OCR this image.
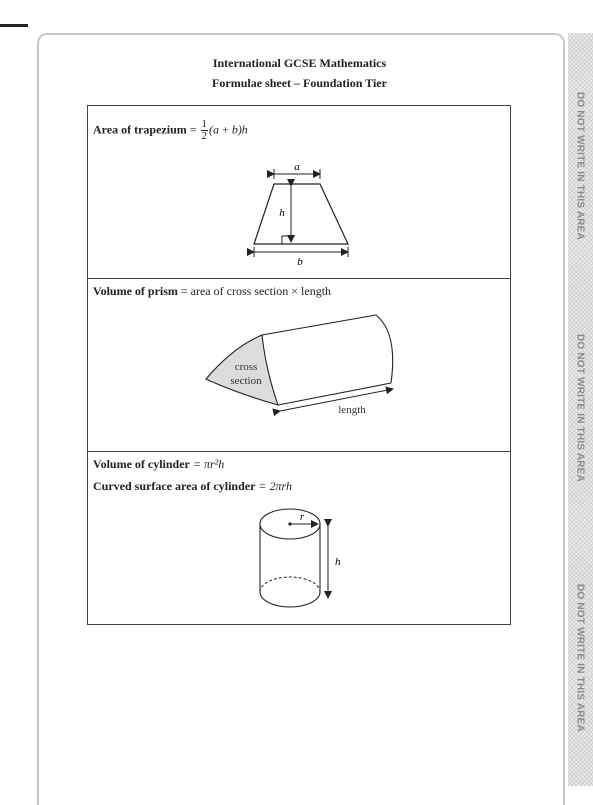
DO NOT WRITE IN THIS AREA
DO NOT WRITE IN THIS AREA
DO NOT WRITE IN THIS AREA
International GCSE Mathematics
Formulae sheet – Foundation Tier
Area of trapezium = $\frac{1}{2} (a + b)h$
a
h
b
Volume of prism = area of cross section × length
cross
section
length
Volume of cylinder = πr²h
Curved surface area of cylinder = 2πrh
r
h
